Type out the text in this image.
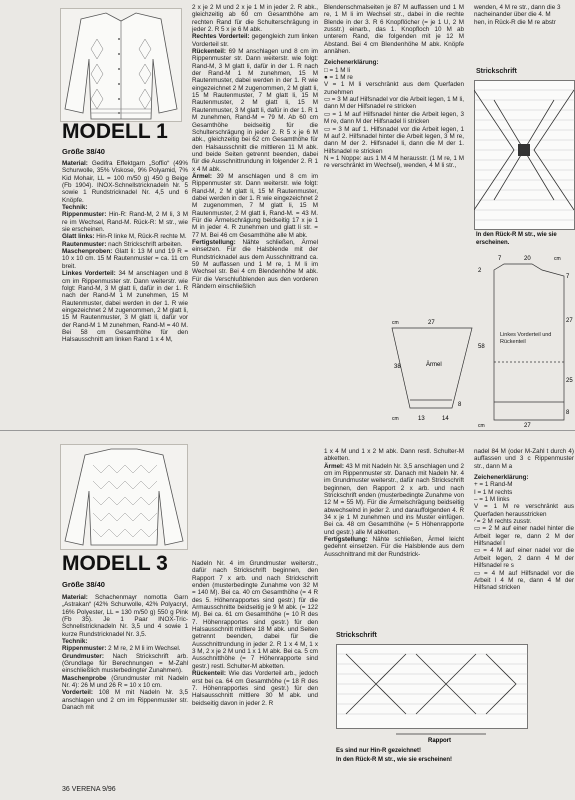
MODELL 1
Größe 38/40

Material: Gedifra Effektgarn „Soffio“ (49% Schurwolle, 35% Viskose, 9% Polyamid, 7% Kid Mohair, LL = 100 m/50 g) 450 g Beige (Fb 1904). INOX-Schnellstricknadeln Nr. 5 sowie 1 Rundstricknadel Nr. 4,5 und 6 Knöpfe.

Technik:

Rippenmuster: Hin-R: Rand-M, 2 M li, 3 M re im Wechsel, Rand-M. Rück-R: M str., wie sie erscheinen.

Glatt links: Hin-R linke M, Rück-R rechte M.

Rautenmuster: nach Strickschrift arbeiten.

Maschenproben: Glatt li: 13 M und 19 R = 10 x 10 cm. 15 M Rautenmuster = ca. 11 cm breit.

Linkes Vorderteil: 34 M anschlagen und 8 cm im Rippenmuster str. Dann weiterstr. wie folgt: Rand-M, 3 M glatt li, dafür in der 1. R nach der Rand-M 1 M zunehmen, 15 M Rautenmuster, dabei werden in der 1. R wie eingezeichnet 2 M zugenommen, 2 M glatt li, 15 M Rautenmuster, 3 M glatt li, dafür vor der Rand-M 1 M zunehmen, Rand-M = 40 M. Bei 58 cm Gesamthöhe für den Halsausschnitt am linken Rand 1 x 4 M,

2 x je 2 M und 2 x je 1 M in jeder 2. R abk., gleichzeitig ab 60 cm Gesamthöhe am rechten Rand für die Schulterschrägung in jeder 2. R 5 x je 6 M abk.

Rechtes Vorderteil: gegengleich zum linken Vorderteil str.

Rückenteil: 69 M anschlagen und 8 cm im Rippenmuster str. Dann weiterstr. wie folgt: Rand-M, 3 M glatt li, dafür in der 1. R nach der Rand-M 1 M zunehmen, 15 M Rautenmuster, dabei werden in der 1. R wie eingezeichnet 2 M zugenommen, 2 M glatt li, 15 M Rautenmuster, 7 M glatt li, 15 M Rautenmuster, 2 M glatt li, 15 M Rautenmuster, 3 M glatt li, dafür in der 1. R 1 M zunehmen, Rand-M = 79 M. Ab 60 cm Gesamthöhe beidseitig für die Schulterschrägung in jeder 2. R 5 x je 6 M abk., gleichzeitig bei 62 cm Gesamthöhe für den Halsausschnitt die mittleren 11 M abk. und beide Seiten getrennt beenden, dabei für die Ausschnittrundung in folgender 2. R 1 x 4 M abk.

Ärmel: 39 M anschlagen und 8 cm im Rippenmuster str. Dann weiterstr. wie folgt: Rand-M, 2 M glatt li, 15 M Rautenmuster, dabei werden in der 1. R wie eingezeichnet 2 M zugenommen, 7 M glatt li, 15 M Rautenmuster, 2 M glatt li, Rand-M. = 43 M. Für die Ärmelschrägung beidseitig 17 x je 1 M in jeder 4. R zunehmen und glatt li str. = 77 M. Bei 46 cm Gesamthöhe alle M abk.

Fertigstellung: Nähte schließen, Ärmel einsetzen. Für die Halsblende mit der Rundstricknadel aus dem Ausschnittrand ca. 59 M auffassen und 1 M re, 1 M li im Wechsel str. Bei 4 cm Blendenhöhe M abk. Für die Verschlußblenden aus den vorderen Rändern einschließlich

Blendenschmalseiten je 87 M auffassen und 1 M re, 1 M li im Wechsel str., dabei in die rechte Blende in der 3. R 6 Knopflöcher (= je 1 U, 2 M zusstr.) einarb., das 1. Knopfloch 10 M ab unterem Rand, die folgenden mit je 12 M Abstand. Bei 4 cm Blendenhöhe M abk. Knöpfe annähen.

Zeichenerklärung:

□ = 1 M li

● = 1 M re

V = 1 M li verschränkt aus dem Querfaden zunehmen

▭ = 3 M auf Hilfsnadel vor die Arbeit legen, 1 M li, dann M der Hilfsnadel re stricken

▭ = 1 M auf Hilfsnadel hinter die Arbeit legen, 3 M re, dann M der Hilfsnadel li stricken

▭ = 3 M auf 1. Hilfsnadel vor die Arbeit legen, 1 M auf 2. Hilfsnadel hinter die Arbeit legen, 3 M re, dann M der 2. Hilfsnadel li, dann die M der 1. Hilfsnadel re stricken

N = 1 Noppe: aus 1 M 4 M herausstr. (1 M re, 1 M re verschränkt im Wechsel), wenden, 4 M li str.,

27
cm
38	Ärmel
8
cm	13	14

wenden, 4 M re str., dann die 3

nacheinander über die 4. M

hen, in Rück-R die M re abstr

Strickschrift
In den Rück-R M str., wie sie
erscheinen.
7	20	cm
2
7
27
58
25
8
cm	27
Linkes Vorderteil und Rückenteil
MODELL 3
Größe 38/40

Material: Schachenmayr nomotta Garn „Astrakan“ (42% Schurwolle, 42% Polyacryl, 16% Polyester, LL = 130 m/50 g) 550 g Pink (Fb 35). Je 1 Paar INOX-Tric-Schnellstricknadeln Nr. 3,5 und 4 sowie 1 kurze Rundstricknadel Nr. 3,5.

Technik:

Rippenmuster: 2 M re, 2 M li im Wechsel.

Grundmuster: Nach Strickschrift arb. (Grundlage für Berechnungen = M-Zahl einschließlich musterbedingter Zunahmen).

Maschenprobe (Grundmuster mit Nadeln Nr. 4): 26 M und 26 R = 10 x 10 cm.

Vorderteil: 108 M mit Nadeln Nr. 3,5 anschlagen und 2 cm im Rippenmuster str. Danach mit

Nadeln Nr. 4 im Grundmuster weiterstr., dafür nach Strickschrift beginnen, den Rapport 7 x arb. und nach Strickschrift enden (musterbedingte Zunahme von 32 M = 140 M). Bei ca. 40 cm Gesamthöhe (= 4 R des 5. Höhenrapportes sind gestr.) für die Armausschnitte beidseitig je 9 M abk. (= 122 M). Bei ca. 61 cm Gesamthöhe (= 10 R des 7. Höhenrapportes sind gestr.) für den Halsausschnitt mittlere 18 M abk. und Seiten getrennt beenden, dabei für die Ausschnittrundung in jeder 2. R 1 x 4 M, 1 x 3 M, 2 x je 2 M und 1 x 1 M abk. Bei ca. 5 cm Ausschnitthöhe (= 7 Höhenrapporte sind gestr.) restl. Schulter-M abketten.

Rückenteil: Wie das Vorderteil arb., jedoch erst bei ca. 64 cm Gesamthöhe (= 18 R des 7. Höhenrapportes sind gestr.) für den Halsausschnitt mittlere 30 M abk. und beidseitig davon in jeder 2. R

1 x 4 M und 1 x 2 M abk. Dann restl. Schulter-M abketten.

Ärmel: 43 M mit Nadeln Nr. 3,5 anschlagen und 2 cm im Rippenmuster str. Danach mit Nadeln Nr. 4 im Grundmuster weiterstr., dafür nach Strickschrift beginnen, den Rapport 2 x arb. und nach Strickschrift enden (musterbedingte Zunahme von 12 M = 55 M). Für die Ärmelschrägung beidseitig abwechselnd in jeder 2. und darauffolgenden 4. R 34 x je 1 M zunehmen und ins Muster einfügen. Bei ca. 48 cm Gesamthöhe (= 5 Höhenrapporte und gestr.) alle M abketten.

Fertigstellung: Nähte schließen, Ärmel leicht gedehnt einsetzen. Für die Halsblende aus dem Ausschnittrand mit der Rundstrick-

Strickschrift
Rapport
Es sind nur Hin-R gezeichnet!
In den Rück-R M str., wie sie erscheinen!

nadel 84 M (oder M-Zahl t durch 4) auffassen und 3 c Rippenmuster str., dann M a

Zeichenerklärung:

+ = 1 Rand-M

I = 1 M rechts

– = 1 M links

V = 1 M re verschränkt aus Querfaden herausstricken

⁄ = 2 M rechts zusstr.

▭ = 2 M auf einer nadel hinter die Arbeit leger re, dann 2 M der Hilfsnadel l

▭ = 4 M auf einer nadel vor die Arbeit legen, 2 dann 4 M der Hilfsnadel re s

▭ = 4 M auf Hilfsnadel vor die Arbeit l 4 M re, dann 4 M der Hilfsnad stricken

36 VERENA 9/96
